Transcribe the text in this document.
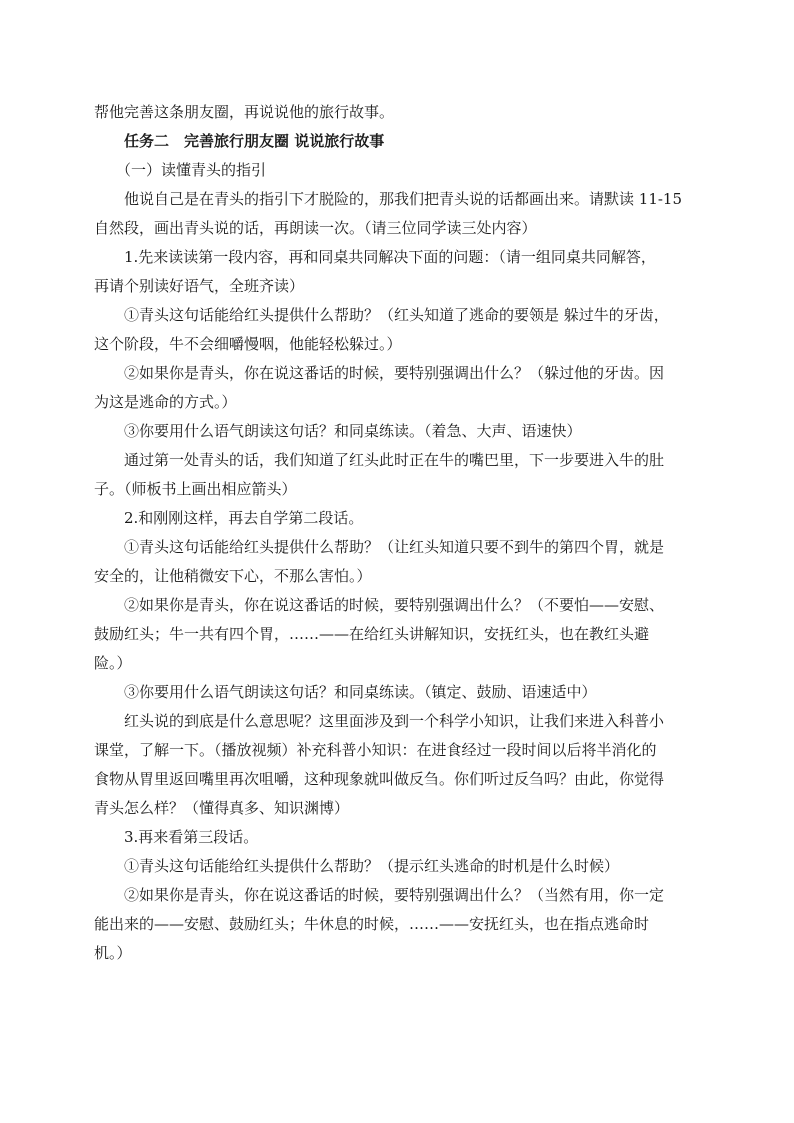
帮他完善这条朋友圈，再说说他的旅行故事。

任务二　完善旅行朋友圈 说说旅行故事

（一）读懂青头的指引

他说自己是在青头的指引下才脱险的，那我们把青头说的话都画出来。请默读 11-15

自然段，画出青头说的话，再朗读一次。（请三位同学读三处内容）

1.先来读读第一段内容，再和同桌共同解决下面的问题：（请一组同桌共同解答，

再请个别读好语气，全班齐读）

①青头这句话能给红头提供什么帮助？（红头知道了逃命的要领是 躲过牛的牙齿，

这个阶段，牛不会细嚼慢咽，他能轻松躲过。）

②如果你是青头，你在说这番话的时候，要特别强调出什么？（躲过他的牙齿。因

为这是逃命的方式。）

③你要用什么语气朗读这句话？和同桌练读。（着急、大声、语速快）

通过第一处青头的话，我们知道了红头此时正在牛的嘴巴里，下一步要进入牛的肚

子。（师板书上画出相应箭头）

2.和刚刚这样，再去自学第二段话。

①青头这句话能给红头提供什么帮助？（让红头知道只要不到牛的第四个胃，就是

安全的，让他稍微安下心，不那么害怕。）

②如果你是青头，你在说这番话的时候，要特别强调出什么？（不要怕——安慰、

鼓励红头；牛一共有四个胃，……——在给红头讲解知识，安抚红头，也在教红头避

险。）

③你要用什么语气朗读这句话？和同桌练读。（镇定、鼓励、语速适中）

红头说的到底是什么意思呢？这里面涉及到一个科学小知识，让我们来进入科普小

课堂，了解一下。（播放视频）补充科普小知识：在进食经过一段时间以后将半消化的

食物从胃里返回嘴里再次咀嚼，这种现象就叫做反刍。你们听过反刍吗？由此，你觉得

青头怎么样？（懂得真多、知识渊博）

3.再来看第三段话。

①青头这句话能给红头提供什么帮助？（提示红头逃命的时机是什么时候）

②如果你是青头，你在说这番话的时候，要特别强调出什么？（当然有用，你一定

能出来的——安慰、鼓励红头；牛休息的时候，……——安抚红头，也在指点逃命时

机。）
